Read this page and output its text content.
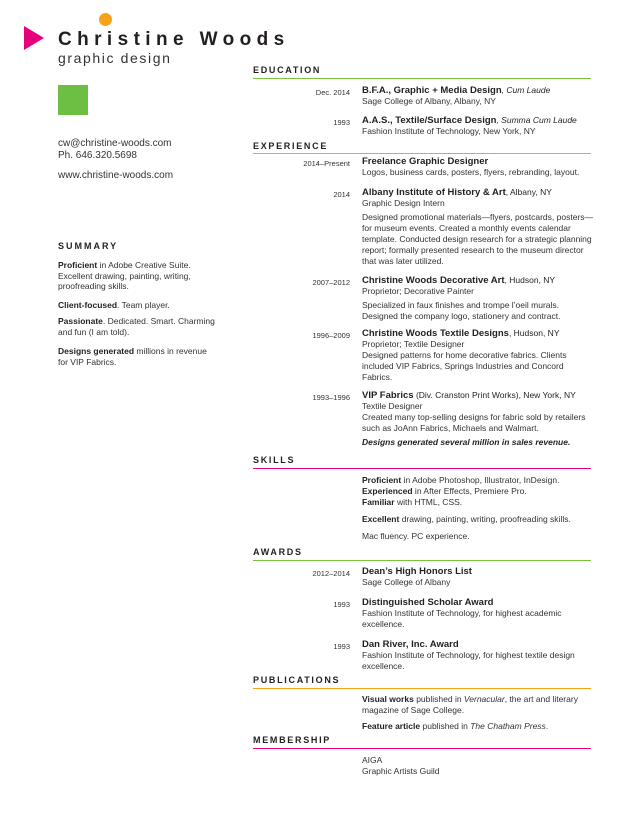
Christine Woods
graphic design
cw@christine-woods.com
Ph. 646.320.5698
www.christine-woods.com
SUMMARY
Proficient in Adobe Creative Suite. Excellent drawing, painting, writing, proofreading skills.
Client-focused. Team player.
Passionate. Dedicated. Smart. Charming and fun (I am told).
Designs generated millions in revenue for VIP Fabrics.
EDUCATION
Dec. 2014 B.F.A., Graphic + Media Design, Cum Laude

Sage College of Albany, Albany, NY

1993 A.A.S., Textile/Surface Design, Summa Cum Laude

Fashion Institute of Technology, New York, NY

EXPERIENCE
2014–Present Freelance Graphic Designer

Logos, business cards, posters, flyers, rebranding, layout.

2014 Albany Institute of History & Art, Albany, NY

Graphic Design Intern

Designed promotional materials—flyers, postcards, posters—for museum events. Created a monthly events calendar template. Conducted design research for a strategic planning report; formally presented research to the museum director that was later utilized.

2007–2012 Christine Woods Decorative Art, Hudson, NY

Proprietor; Decorative Painter

Specialized in faux finishes and trompe l’oeil murals. Designed the company logo, stationery and contract.

1996–2009 Christine Woods Textile Designs, Hudson, NY

Proprietor; Textile Designer

Designed patterns for home decorative fabrics. Clients included VIP Fabrics, Springs Industries and Concord Fabrics.

1993–1996 VIP Fabrics (Div. Cranston Print Works), New York, NY

Textile Designer

Created many top-selling designs for fabric sold by retailers such as JoAnn Fabrics, Michaels and Walmart.

Designs generated several million in sales revenue.

SKILLS

Proficient in Adobe Photoshop, Illustrator, InDesign.

Experienced in After Effects, Premiere Pro.

Familiar with HTML, CSS.

Excellent drawing, painting, writing, proofreading skills.

Mac fluency. PC experience.

AWARDS
2012–2014 Dean’s High Honors List

Sage College of Albany

1993 Distinguished Scholar Award

Fashion Institute of Technology, for highest academic excellence.

1993 Dan River, Inc. Award

Fashion Institute of Technology, for highest textile design excellence.

PUBLICATIONS

Visual works published in Vernacular, the art and literary magazine of Sage College.

Feature article published in The Chatham Press.

MEMBERSHIP

AIGA

Graphic Artists Guild
